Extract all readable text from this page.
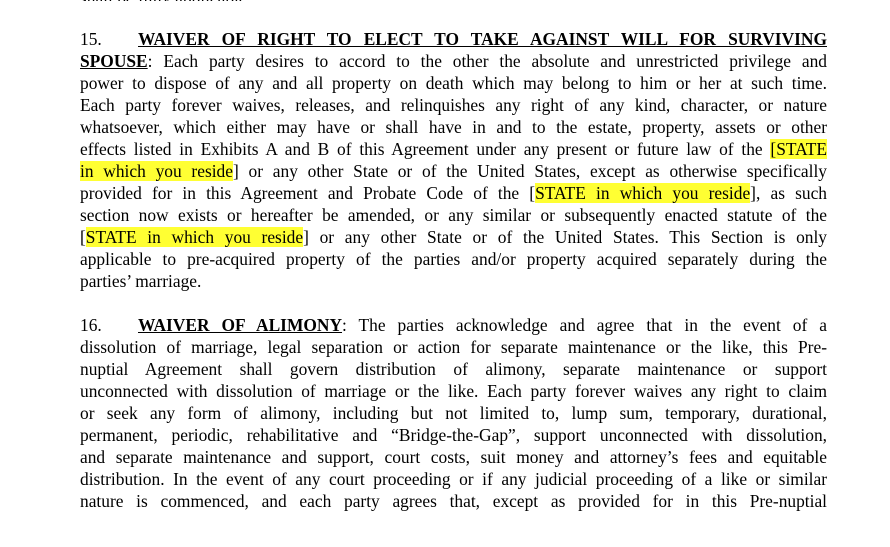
15. WAIVER OF RIGHT TO ELECT TO TAKE AGAINST WILL FOR SURVIVING
SPOUSE: Each party desires to accord to the other the absolute and unrestricted privilege and
power to dispose of any and all property on death which may belong to him or her at such time.
Each party forever waives, releases, and relinquishes any right of any kind, character, or nature
whatsoever, which either may have or shall have in and to the estate, property, assets or other
effects listed in Exhibits A and B of this Agreement under any present or future law of the [STATE
in which you reside] or any other State or of the United States, except as otherwise specifically
provided for in this Agreement and Probate Code of the [STATE in which you reside], as such
section now exists or hereafter be amended, or any similar or subsequently enacted statute of the
[STATE in which you reside] or any other State or of the United States. This Section is only
applicable to pre-acquired property of the parties and/or property acquired separately during the
parties’ marriage.
16. WAIVER OF ALIMONY: The parties acknowledge and agree that in the event of a
dissolution of marriage, legal separation or action for separate maintenance or the like, this Pre-
nuptial Agreement shall govern distribution of alimony, separate maintenance or support
unconnected with dissolution of marriage or the like. Each party forever waives any right to claim
or seek any form of alimony, including but not limited to, lump sum, temporary, durational,
permanent, periodic, rehabilitative and “Bridge-the-Gap”, support unconnected with dissolution,
and separate maintenance and support, court costs, suit money and attorney’s fees and equitable
distribution. In the event of any court proceeding or if any judicial proceeding of a like or similar
nature is commenced, and each party agrees that, except as provided for in this Pre-nuptial
